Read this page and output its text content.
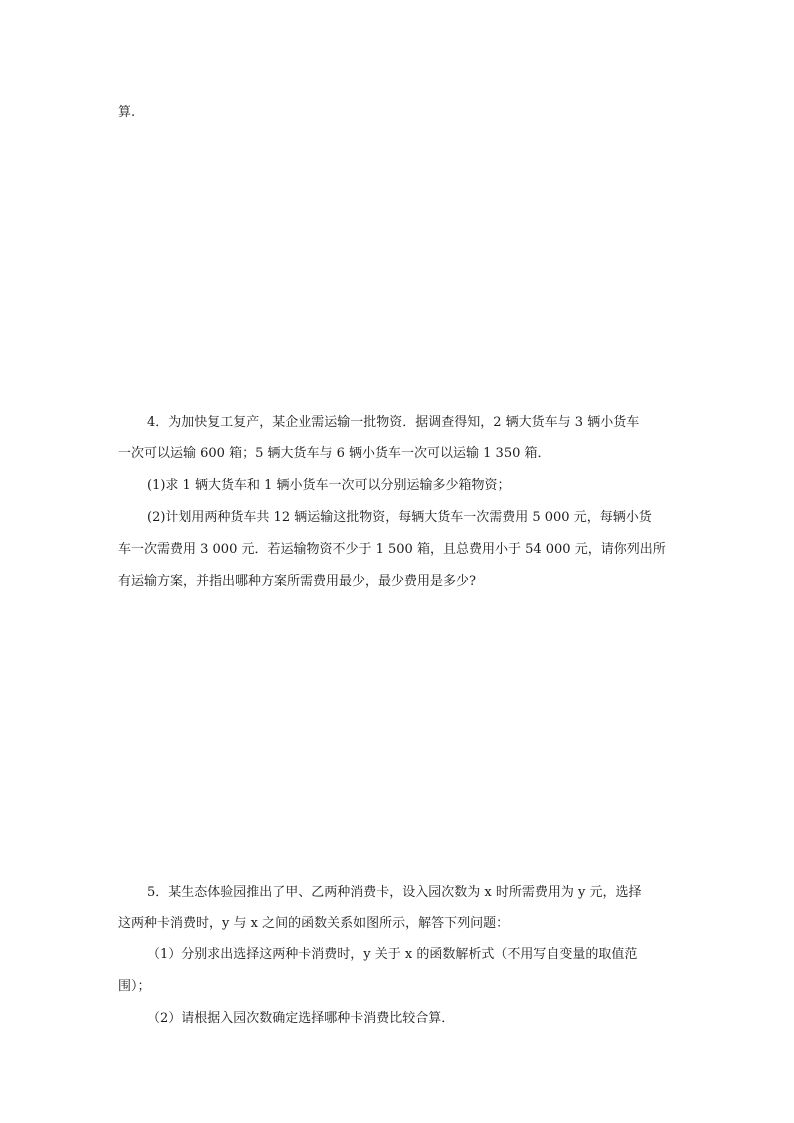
算.
4．为加快复工复产，某企业需运输一批物资．据调查得知，2 辆大货车与 3 辆小货车
一次可以运输 600 箱；5 辆大货车与 6 辆小货车一次可以运输 1 350 箱．
(1)求 1 辆大货车和 1 辆小货车一次可以分别运输多少箱物资；
(2)计划用两种货车共 12 辆运输这批物资，每辆大货车一次需费用 5 000 元，每辆小货
车一次需费用 3 000 元．若运输物资不少于 1 500 箱，且总费用小于 54 000 元，请你列出所
有运输方案，并指出哪种方案所需费用最少，最少费用是多少?
5．某生态体验园推出了甲、乙两种消费卡，设入园次数为 x 时所需费用为 y 元，选择
这两种卡消费时，y 与 x 之间的函数关系如图所示，解答下列问题：
（1）分别求出选择这两种卡消费时，y 关于 x 的函数解析式（不用写自变量的取值范
围）；
（2）请根据入园次数确定选择哪种卡消费比较合算．
